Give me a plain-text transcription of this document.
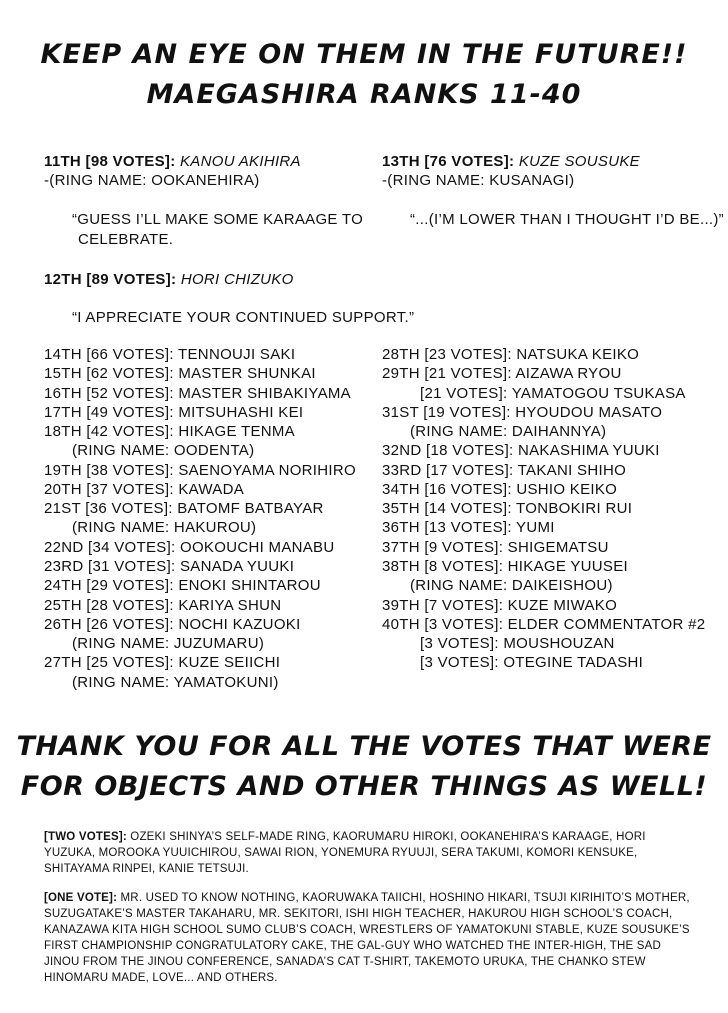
KEEP AN EYE ON THEM IN THE FUTURE!!
MAEGASHIRA RANKS 11-40
11TH [98 VOTES]: KANOU AKIHIRA
-(RING NAME: OOKANEHIRA)
“GUESS I’LL MAKE SOME KARAAGE TO
CELEBRATE.
13TH [76 VOTES]: KUZE SOUSUKE
-(RING NAME: KUSANAGI)
“...(I’M LOWER THAN I THOUGHT I’D BE...)”
12TH [89 VOTES]: HORI CHIZUKO
“I APPRECIATE YOUR CONTINUED SUPPORT.”
14TH [66 VOTES]: TENNOUJI SAKI
15TH [62 VOTES]: MASTER SHUNKAI
16TH [52 VOTES]: MASTER SHIBAKIYAMA
17TH [49 VOTES]: MITSUHASHI KEI
18TH [42 VOTES]: HIKAGE TENMA
(RING NAME: OODENTA)
19TH [38 VOTES]: SAENOYAMA NORIHIRO
20TH [37 VOTES]: KAWADA
21ST [36 VOTES]: BATOMF BATBAYAR
(RING NAME: HAKUROU)
22ND [34 VOTES]: OOKOUCHI MANABU
23RD [31 VOTES]: SANADA YUUKI
24TH [29 VOTES]: ENOKI SHINTAROU
25TH [28 VOTES]: KARIYA SHUN
26TH [26 VOTES]: NOCHI KAZUOKI
(RING NAME: JUZUMARU)
27TH [25 VOTES]: KUZE SEIICHI
(RING NAME: YAMATOKUNI)
28TH [23 VOTES]: NATSUKA KEIKO
29TH [21 VOTES]: AIZAWA RYOU
[21 VOTES]: YAMATOGOU TSUKASA
31ST [19 VOTES]: HYOUDOU MASATO
(RING NAME: DAIHANNYA)
32ND [18 VOTES]: NAKASHIMA YUUKI
33RD [17 VOTES]: TAKANI SHIHO
34TH [16 VOTES]: USHIO KEIKO
35TH [14 VOTES]: TONBOKIRI RUI
36TH [13 VOTES]: YUMI
37TH [9 VOTES]: SHIGEMATSU
38TH [8 VOTES]: HIKAGE YUUSEI
(RING NAME: DAIKEISHOU)
39TH [7 VOTES]: KUZE MIWAKO
40TH [3 VOTES]: ELDER COMMENTATOR #2
[3 VOTES]: MOUSHOUZAN
[3 VOTES]: OTEGINE TADASHI
THANK YOU FOR ALL THE VOTES THAT WERE
FOR OBJECTS AND OTHER THINGS AS WELL!
[TWO VOTES]: OZEKI SHINYA’S SELF-MADE RING, KAORUMARU HIROKI, OOKANEHIRA’S KARAAGE, HORI YUZUKA, MOROOKA YUUICHIROU, SAWAI RION, YONEMURA RYUUJI, SERA TAKUMI, KOMORI KENSUKE, SHITAYAMA RINPEI, KANIE TETSUJI.
[ONE VOTE]: MR. USED TO KNOW NOTHING, KAORUWAKA TAIICHI, HOSHINO HIKARI, TSUJI KIRIHITO’S MOTHER, SUZUGATAKE’S MASTER TAKAHARU, MR. SEKITORI, ISHI HIGH TEACHER, HAKUROU HIGH SCHOOL’S COACH, KANAZAWA KITA HIGH SCHOOL SUMO CLUB’S COACH, WRESTLERS OF YAMATOKUNI STABLE, KUZE SOUSUKE’S FIRST CHAMPIONSHIP CONGRATULATORY CAKE, THE GAL-GUY WHO WATCHED THE INTER-HIGH, THE SAD JINOU FROM THE JINOU CONFERENCE, SANADA’S CAT T-SHIRT, TAKEMOTO URUKA, THE CHANKO STEW HINOMARU MADE, LOVE... AND OTHERS.
